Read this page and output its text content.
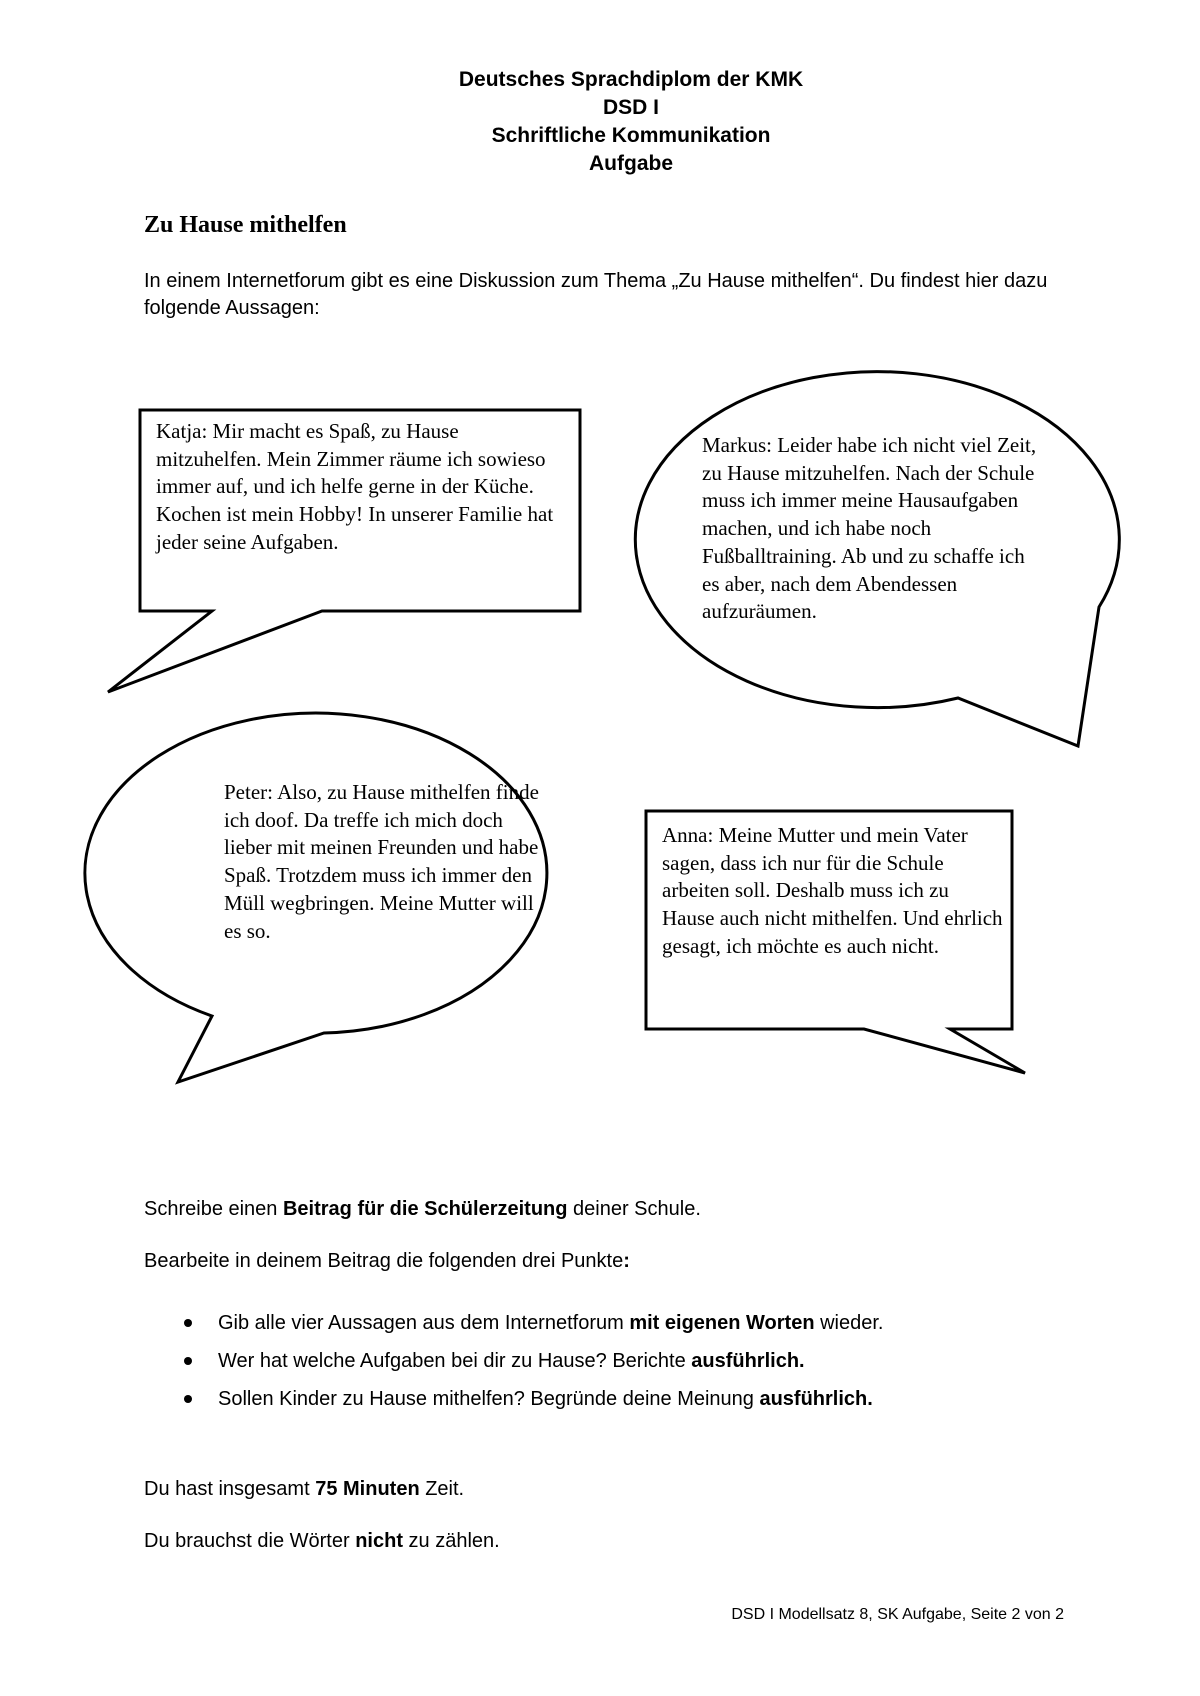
Deutsches Sprachdiplom der KMK
DSD I
Schriftliche Kommunikation
Aufgabe
Zu Hause mithelfen
In einem Internetforum gibt es eine Diskussion zum Thema „Zu Hause mithelfen“. Du findest hier dazu folgende Aussagen:
Katja: Mir macht es Spaß, zu Hause mitzuhelfen. Mein Zimmer räume ich sowieso immer auf, und ich helfe gerne in der Küche. Kochen ist mein Hobby! In unserer Familie hat jeder seine Aufgaben.
Markus: Leider habe ich nicht viel Zeit, zu Hause mitzuhelfen. Nach der Schule muss ich immer meine Hausaufgaben machen, und ich habe noch Fußballtraining. Ab und zu schaffe ich es aber, nach dem Abendessen aufzuräumen.
Peter: Also, zu Hause mithelfen finde ich doof. Da treffe ich mich doch lieber mit meinen Freunden und habe Spaß. Trotzdem muss ich immer den Müll wegbringen. Meine Mutter will es so.
Anna: Meine Mutter und mein Vater sagen, dass ich nur für die Schule arbeiten soll. Deshalb muss ich zu Hause auch nicht mithelfen. Und ehrlich gesagt, ich möchte es auch nicht.
Schreibe einen Beitrag für die Schülerzeitung deiner Schule.
Bearbeite in deinem Beitrag die folgenden drei Punkte:
Gib alle vier Aussagen aus dem Internetforum mit eigenen Worten wieder.
Wer hat welche Aufgaben bei dir zu Hause? Berichte ausführlich.
Sollen Kinder zu Hause mithelfen? Begründe deine Meinung ausführlich.
Du hast insgesamt 75 Minuten Zeit.
Du brauchst die Wörter nicht zu zählen.
DSD I Modellsatz 8, SK Aufgabe, Seite 2 von 2
